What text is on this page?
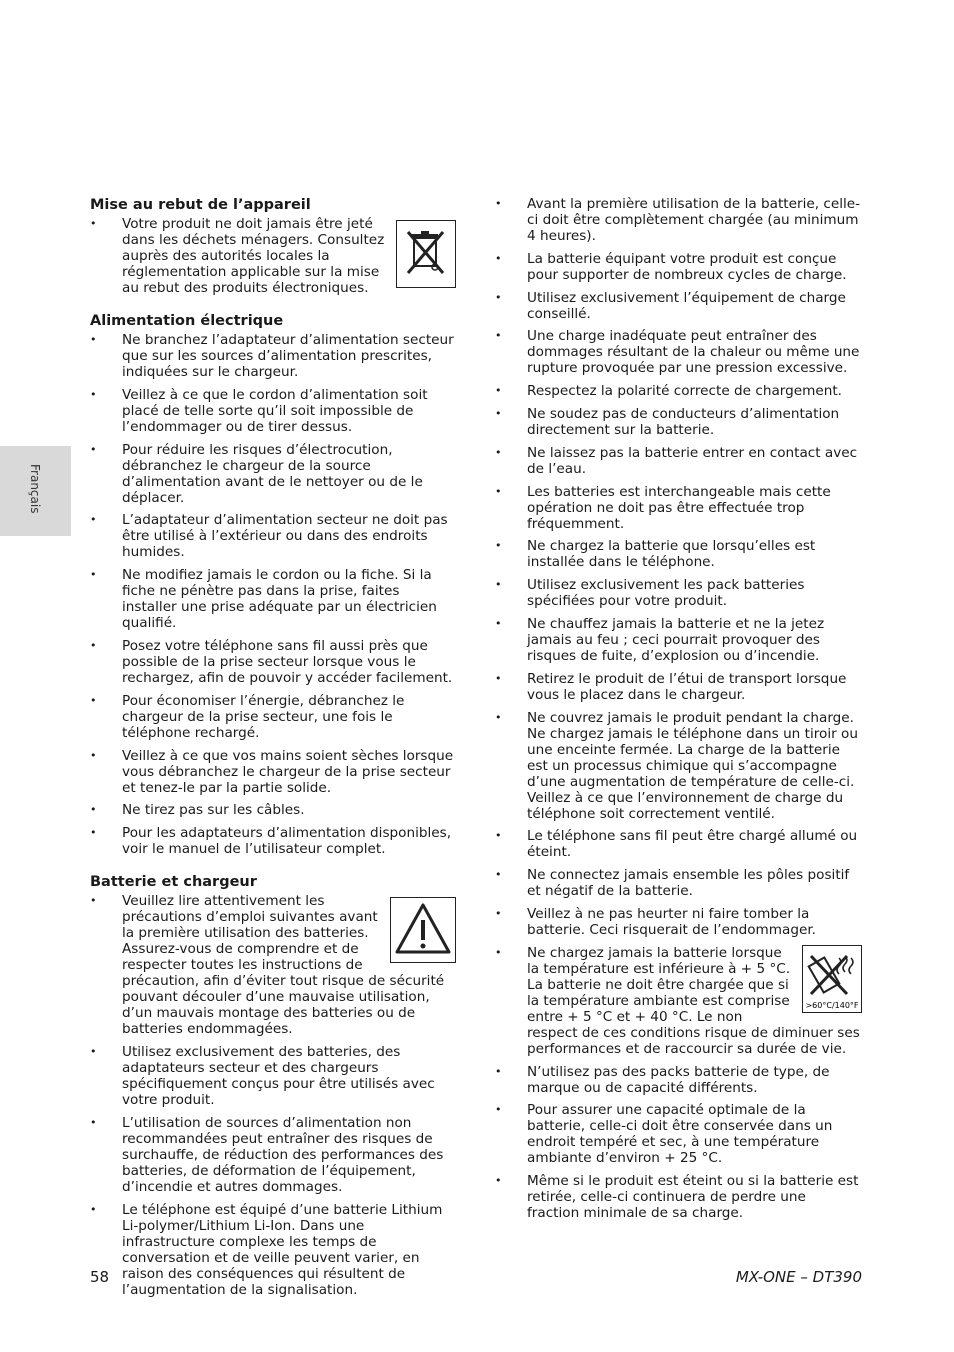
Français
Mise au rebut de l’appareil
• Votre produit ne doit jamais être jeté dans les déchets ménagers. Consultez auprès des autorités locales la réglementation applicable sur la mise au rebut des produits électroniques.
Alimentation électrique
• Ne branchez l’adaptateur d’alimentation secteur que sur les sources d’alimentation prescrites, indiquées sur le chargeur.
• Veillez à ce que le cordon d’alimentation soit placé de telle sorte qu’il soit impossible de l’endommager ou de tirer dessus.
• Pour réduire les risques d’électrocution, débranchez le chargeur de la source d’alimentation avant de le nettoyer ou de le déplacer.
• L’adaptateur d’alimentation secteur ne doit pas être utilisé à l’extérieur ou dans des endroits humides.
• Ne modifiez jamais le cordon ou la fiche. Si la fiche ne pénètre pas dans la prise, faites installer une prise adéquate par un électricien qualifié.
• Posez votre téléphone sans fil aussi près que possible de la prise secteur lorsque vous le rechargez, afin de pouvoir y accéder facilement.
• Pour économiser l’énergie, débranchez le chargeur de la prise secteur, une fois le téléphone rechargé.
• Veillez à ce que vos mains soient sèches lorsque vous débranchez le chargeur de la prise secteur et tenez-le par la partie solide.
• Ne tirez pas sur les câbles.
• Pour les adaptateurs d’alimentation disponibles, voir le manuel de l’utilisateur complet.
Batterie et chargeur
• Veuillez lire attentivement les précautions d’emploi suivantes avant la première utilisation des batteries. Assurez-vous de comprendre et de respecter toutes les instructions de précaution, afin d’éviter tout risque de sécurité pouvant découler d’une mauvaise utilisation, d’un mauvais montage des batteries ou de batteries endommagées.
• Utilisez exclusivement des batteries, des adaptateurs secteur et des chargeurs spécifiquement conçus pour être utilisés avec votre produit.
• L’utilisation de sources d’alimentation non recommandées peut entraîner des risques de surchauffe, de réduction des performances des batteries, de déformation de l’équipement, d’incendie et autres dommages.
• Le téléphone est équipé d’une batterie Lithium Li-polymer/Lithium Li-Ion. Dans une infrastructure complexe les temps de conversation et de veille peuvent varier, en raison des conséquences qui résultent de l’augmentation de la signalisation.
• Avant la première utilisation de la batterie, celle-ci doit être complètement chargée (au minimum 4 heures).
• La batterie équipant votre produit est conçue pour supporter de nombreux cycles de charge.
• Utilisez exclusivement l’équipement de charge conseillé.
• Une charge inadéquate peut entraîner des dommages résultant de la chaleur ou même une rupture provoquée par une pression excessive.
• Respectez la polarité correcte de chargement.
• Ne soudez pas de conducteurs d’alimentation directement sur la batterie.
• Ne laissez pas la batterie entrer en contact avec de l’eau.
• Les batteries est interchangeable mais cette opération ne doit pas être effectuée trop fréquemment.
• Ne chargez la batterie que lorsqu’elles est installée dans le téléphone.
• Utilisez exclusivement les pack batteries spécifiées pour votre produit.
• Ne chauffez jamais la batterie et ne la jetez jamais au feu ; ceci pourrait provoquer des risques de fuite, d’explosion ou d’incendie.
• Retirez le produit de l’étui de transport lorsque vous le placez dans le chargeur.
• Ne couvrez jamais le produit pendant la charge. Ne chargez jamais le téléphone dans un tiroir ou une enceinte fermée. La charge de la batterie est un processus chimique qui s’accompagne d’une augmentation de température de celle-ci. Veillez à ce que l’environnement de charge du téléphone soit correctement ventilé.
• Le téléphone sans fil peut être chargé allumé ou éteint.
• Ne connectez jamais ensemble les pôles positif et négatif de la batterie.
• Veillez à ne pas heurter ni faire tomber la batterie. Ceci risquerait de l’endommager.
• >60°C/140°F
Ne chargez jamais la batterie lorsque la température est inférieure à + 5 °C. La batterie ne doit être chargée que si la température ambiante est comprise entre + 5 °C et + 40 °C. Le non respect de ces conditions risque de diminuer ses performances et de raccourcir sa durée de vie.
• N’utilisez pas des packs batterie de type, de marque ou de capacité différents.
• Pour assurer une capacité optimale de la batterie, celle-ci doit être conservée dans un endroit tempéré et sec, à une température ambiante d’environ + 25 °C.
• Même si le produit est éteint ou si la batterie est retirée, celle-ci continuera de perdre une fraction minimale de sa charge.
58	MX-ONE – DT390
